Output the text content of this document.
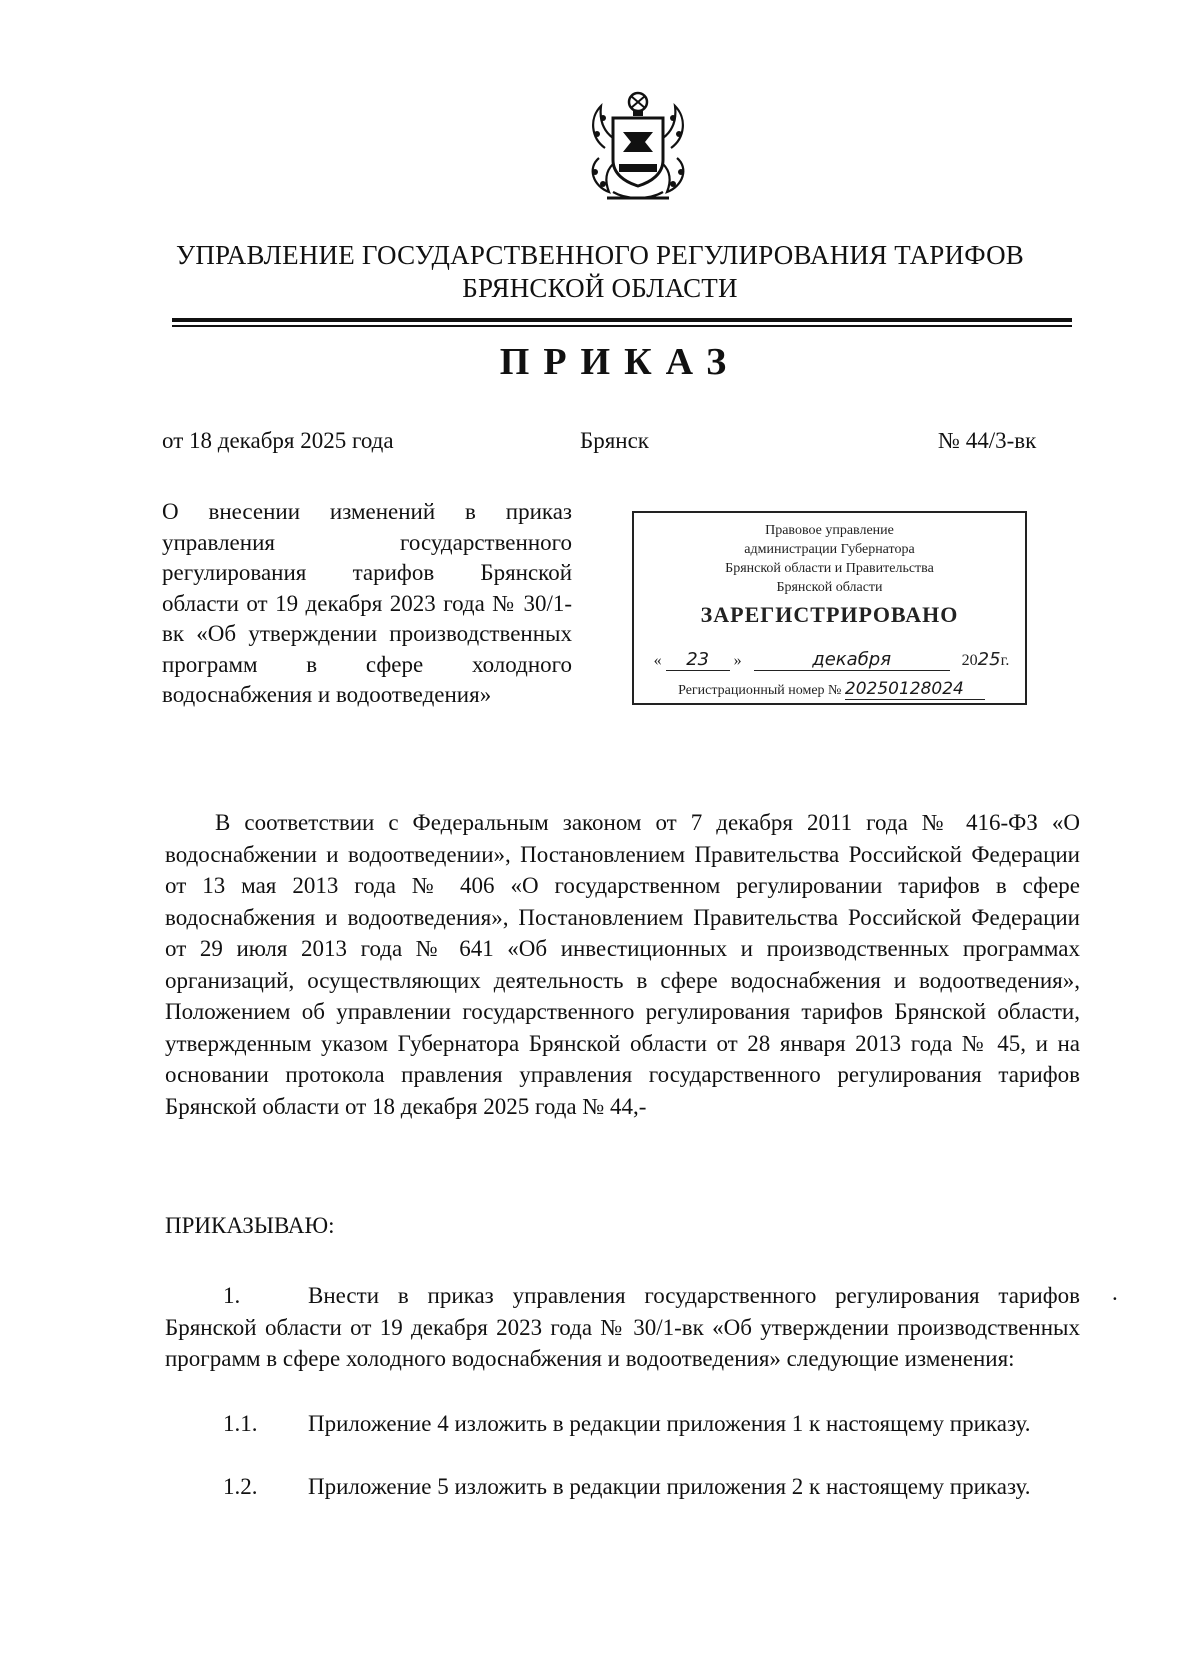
УПРАВЛЕНИЕ ГОСУДАРСТВЕННОГО РЕГУЛИРОВАНИЯ ТАРИФОВ
БРЯНСКОЙ ОБЛАСТИ
ПРИКАЗ
от 18 декабря 2025 года	Брянск	№ 44/3-вк
О внесении изменений в приказ управления государственного регулирования тарифов Брянской области от 19 декабря 2023 года № 30/1-вк «Об утверждении производственных программ в сфере холодного водоснабжения и водоотведения»
Правовое управление
администрации Губернатора
Брянской области и Правительства
Брянской области
ЗАРЕГИСТРИРОВАНО
« 23 »	декабря	2025г.
Регистрационный номер № 20250128024
В соответствии с Федеральным законом от 7 декабря 2011 года № 416-ФЗ «О водоснабжении и водоотведении», Постановлением Правительства Российской Федерации от 13 мая 2013 года № 406 «О государственном регулировании тарифов в сфере водоснабжения и водоотведения», Постановлением Правительства Российской Федерации от 29 июля 2013 года № 641 «Об инвестиционных и производственных программах организаций, осуществляющих деятельность в сфере водоснабжения и водоотведения», Положением об управлении государственного регулирования тарифов Брянской области, утвержденным указом Губернатора Брянской области от 28 января 2013 года № 45, и на основании протокола правления управления государственного регулирования тарифов Брянской области от 18 декабря 2025 года № 44,-
ПРИКАЗЫВАЮ:
1.	Внести в приказ управления государственного регулирования тарифов Брянской области от 19 декабря 2023 года № 30/1-вк «Об утверждении производственных программ в сфере холодного водоснабжения и водоотведения» следующие изменения:
.
1.1. Приложение 4 изложить в редакции приложения 1 к настоящему приказу.
1.2. Приложение 5 изложить в редакции приложения 2 к настоящему приказу.
